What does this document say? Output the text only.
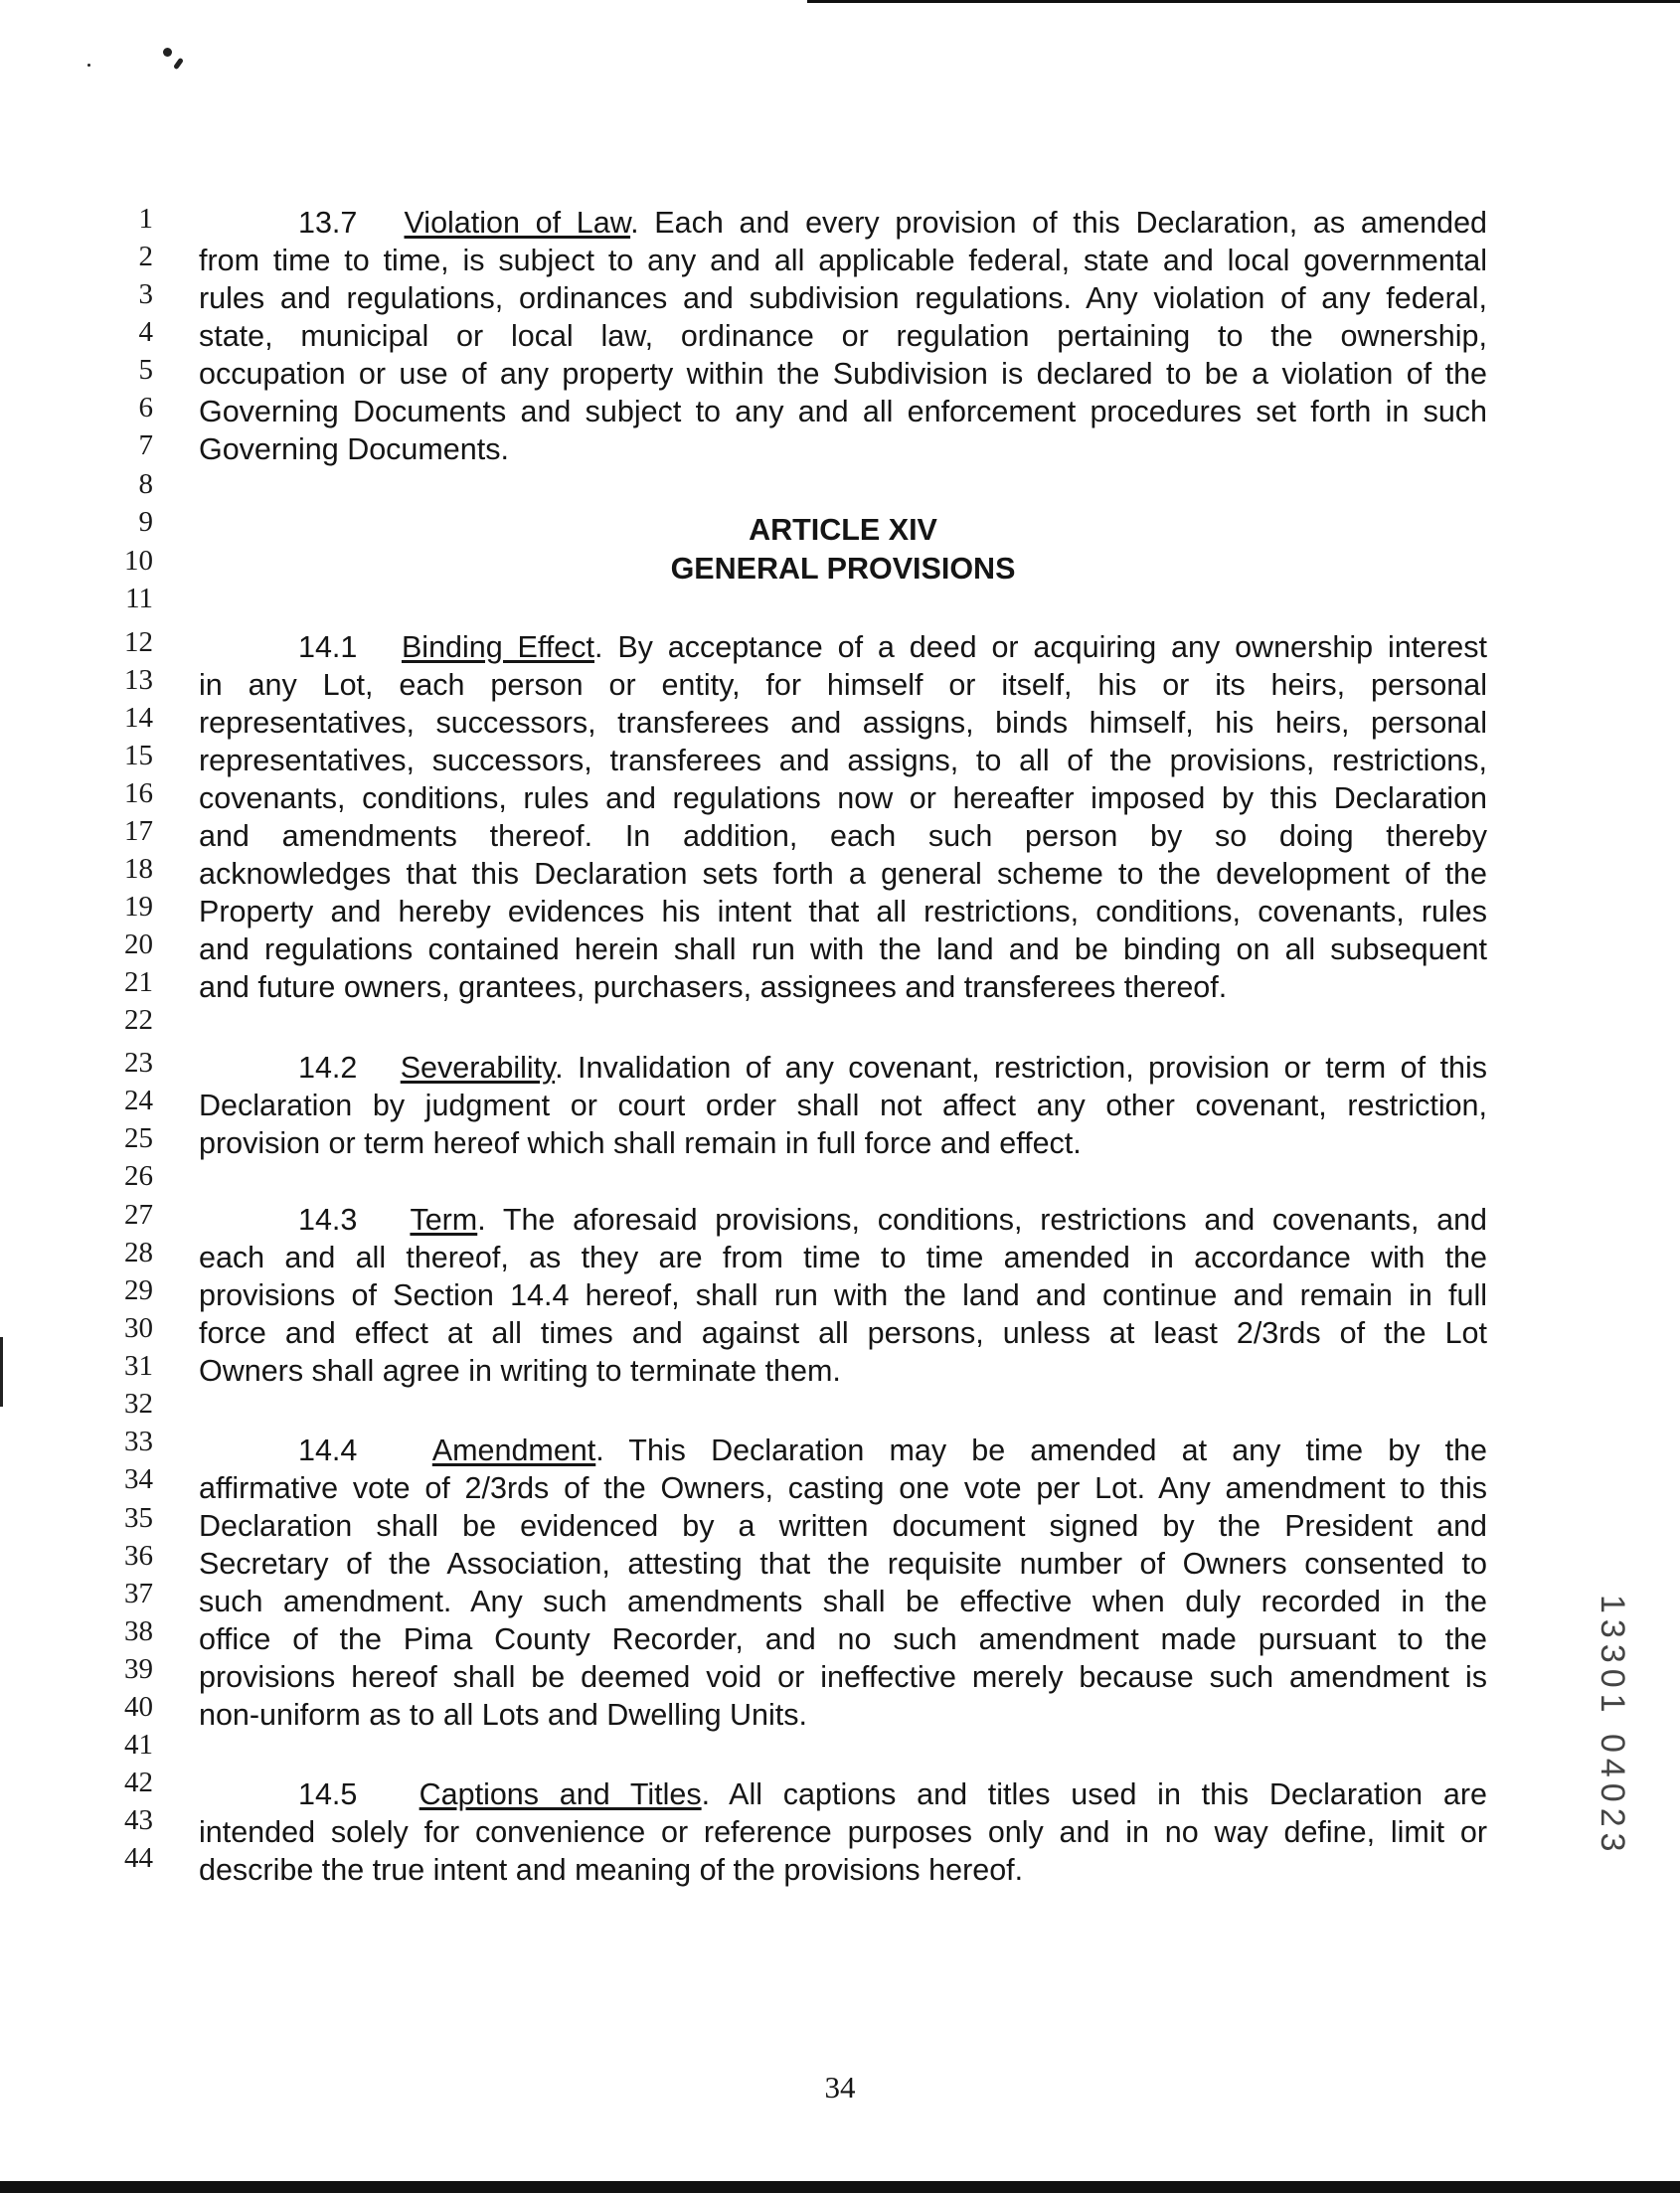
1
2
3
4
5
6
7
8
9
10
11
12
13
14
15
16
17
18
19
20
21
22
23
24
25
26
27
28
29
30
31
32
33
34
35
36
37
38
39
40
41
42
43
44
13.7 Violation of Law. Each and every provision of this Declaration, as amended
from time to time, is subject to any and all applicable federal, state and local governmental
rules and regulations, ordinances and subdivision regulations. Any violation of any federal,
state, municipal or local law, ordinance or regulation pertaining to the ownership,
occupation or use of any property within the Subdivision is declared to be a violation of the
Governing Documents and subject to any and all enforcement procedures set forth in such
Governing Documents.
ARTICLE XIV
GENERAL PROVISIONS
14.1 Binding Effect. By acceptance of a deed or acquiring any ownership interest
in any Lot, each person or entity, for himself or itself, his or its heirs, personal
representatives, successors, transferees and assigns, binds himself, his heirs, personal
representatives, successors, transferees and assigns, to all of the provisions, restrictions,
covenants, conditions, rules and regulations now or hereafter imposed by this Declaration
and amendments thereof. In addition, each such person by so doing thereby
acknowledges that this Declaration sets forth a general scheme to the development of the
Property and hereby evidences his intent that all restrictions, conditions, covenants, rules
and regulations contained herein shall run with the land and be binding on all subsequent
and future owners, grantees, purchasers, assignees and transferees thereof.
14.2 Severability. Invalidation of any covenant, restriction, provision or term of this
Declaration by judgment or court order shall not affect any other covenant, restriction,
provision or term hereof which shall remain in full force and effect.
14.3 Term. The aforesaid provisions, conditions, restrictions and covenants, and
each and all thereof, as they are from time to time amended in accordance with the
provisions of Section 14.4 hereof, shall run with the land and continue and remain in full
force and effect at all times and against all persons, unless at least 2/3rds of the Lot
Owners shall agree in writing to terminate them.
14.4 Amendment. This Declaration may be amended at any time by the
affirmative vote of 2/3rds of the Owners, casting one vote per Lot. Any amendment to this
Declaration shall be evidenced by a written document signed by the President and
Secretary of the Association, attesting that the requisite number of Owners consented to
such amendment. Any such amendments shall be effective when duly recorded in the
office of the Pima County Recorder, and no such amendment made pursuant to the
provisions hereof shall be deemed void or ineffective merely because such amendment is
non-uniform as to all Lots and Dwelling Units.
14.5 Captions and Titles. All captions and titles used in this Declaration are
intended solely for convenience or reference purposes only and in no way define, limit or
describe the true intent and meaning of the provisions hereof.
13301 04023
34
